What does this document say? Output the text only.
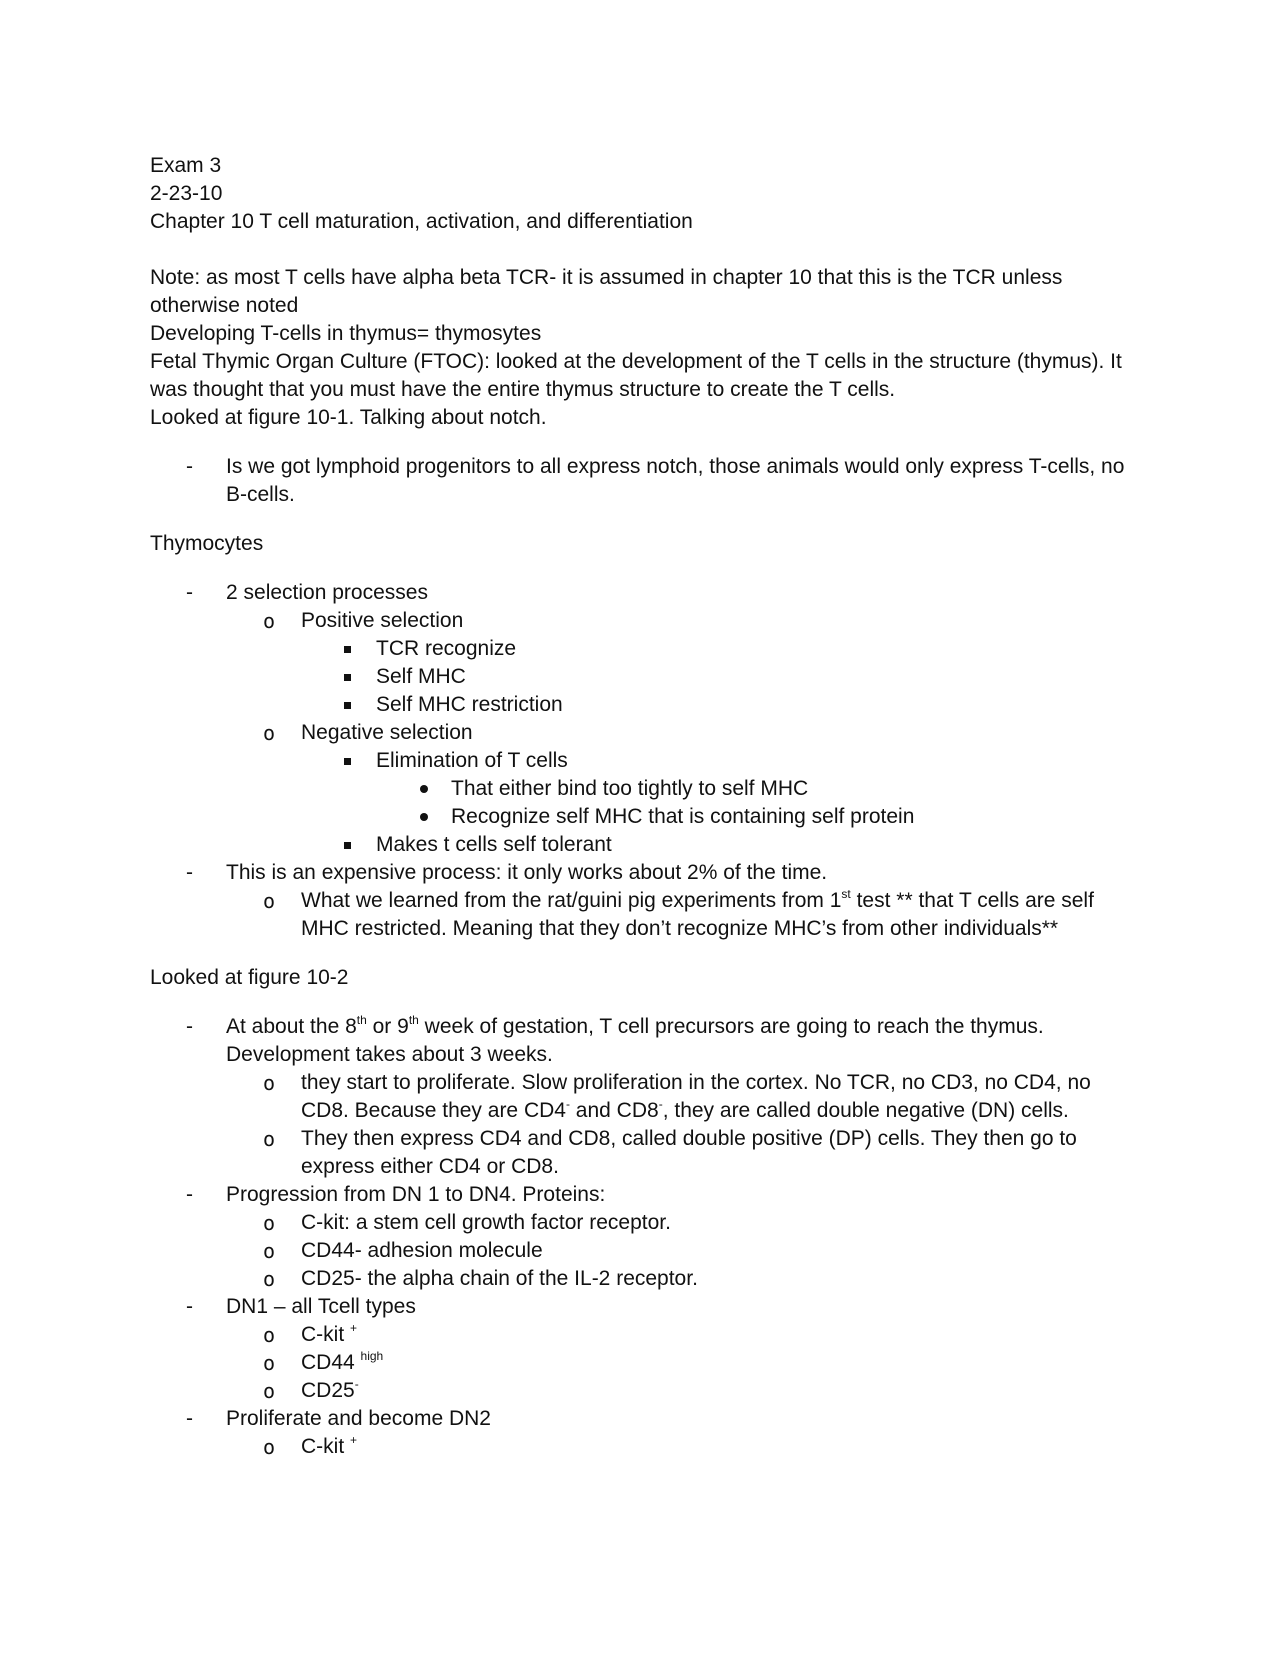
Exam 3

2-23-10

Chapter 10 T cell maturation, activation, and differentiation

Note: as most T cells have alpha beta TCR- it is assumed in chapter 10 that this is the TCR unless otherwise noted

Developing T-cells in thymus= thymosytes

Fetal Thymic Organ Culture (FTOC): looked at the development of the T cells in the structure (thymus). It was thought that you must have the entire thymus structure to create the T cells.

Looked at figure 10-1. Talking about notch.

- Is we got lymphoid progenitors to all express notch, those animals would only express T-cells, no B-cells.

Thymocytes

- 2 selection processes
o Positive selection
TCR recognize
Self MHC
Self MHC restriction
o Negative selection
Elimination of T cells
That either bind too tightly to self MHC
Recognize self MHC that is containing self protein
Makes t cells self tolerant
- This is an expensive process: it only works about 2% of the time.
o What we learned from the rat/guini pig experiments from 1st test ** that T cells are self MHC restricted. Meaning that they don’t recognize MHC’s from other individuals**

Looked at figure 10-2

- At about the 8th or 9th week of gestation, T cell precursors are going to reach the thymus. Development takes about 3 weeks.
o they start to proliferate. Slow proliferation in the cortex. No TCR, no CD3, no CD4, no CD8. Because they are CD4- and CD8-, they are called double negative (DN) cells.
o They then express CD4 and CD8, called double positive (DP) cells. They then go to express either CD4 or CD8.
- Progression from DN 1 to DN4. Proteins:
o C-kit: a stem cell growth factor receptor.
o CD44- adhesion molecule
o CD25- the alpha chain of the IL-2 receptor.
- DN1 – all Tcell types
o C-kit +
o CD44 $^{high}$
o CD25-
- Proliferate and become DN2
o C-kit +
